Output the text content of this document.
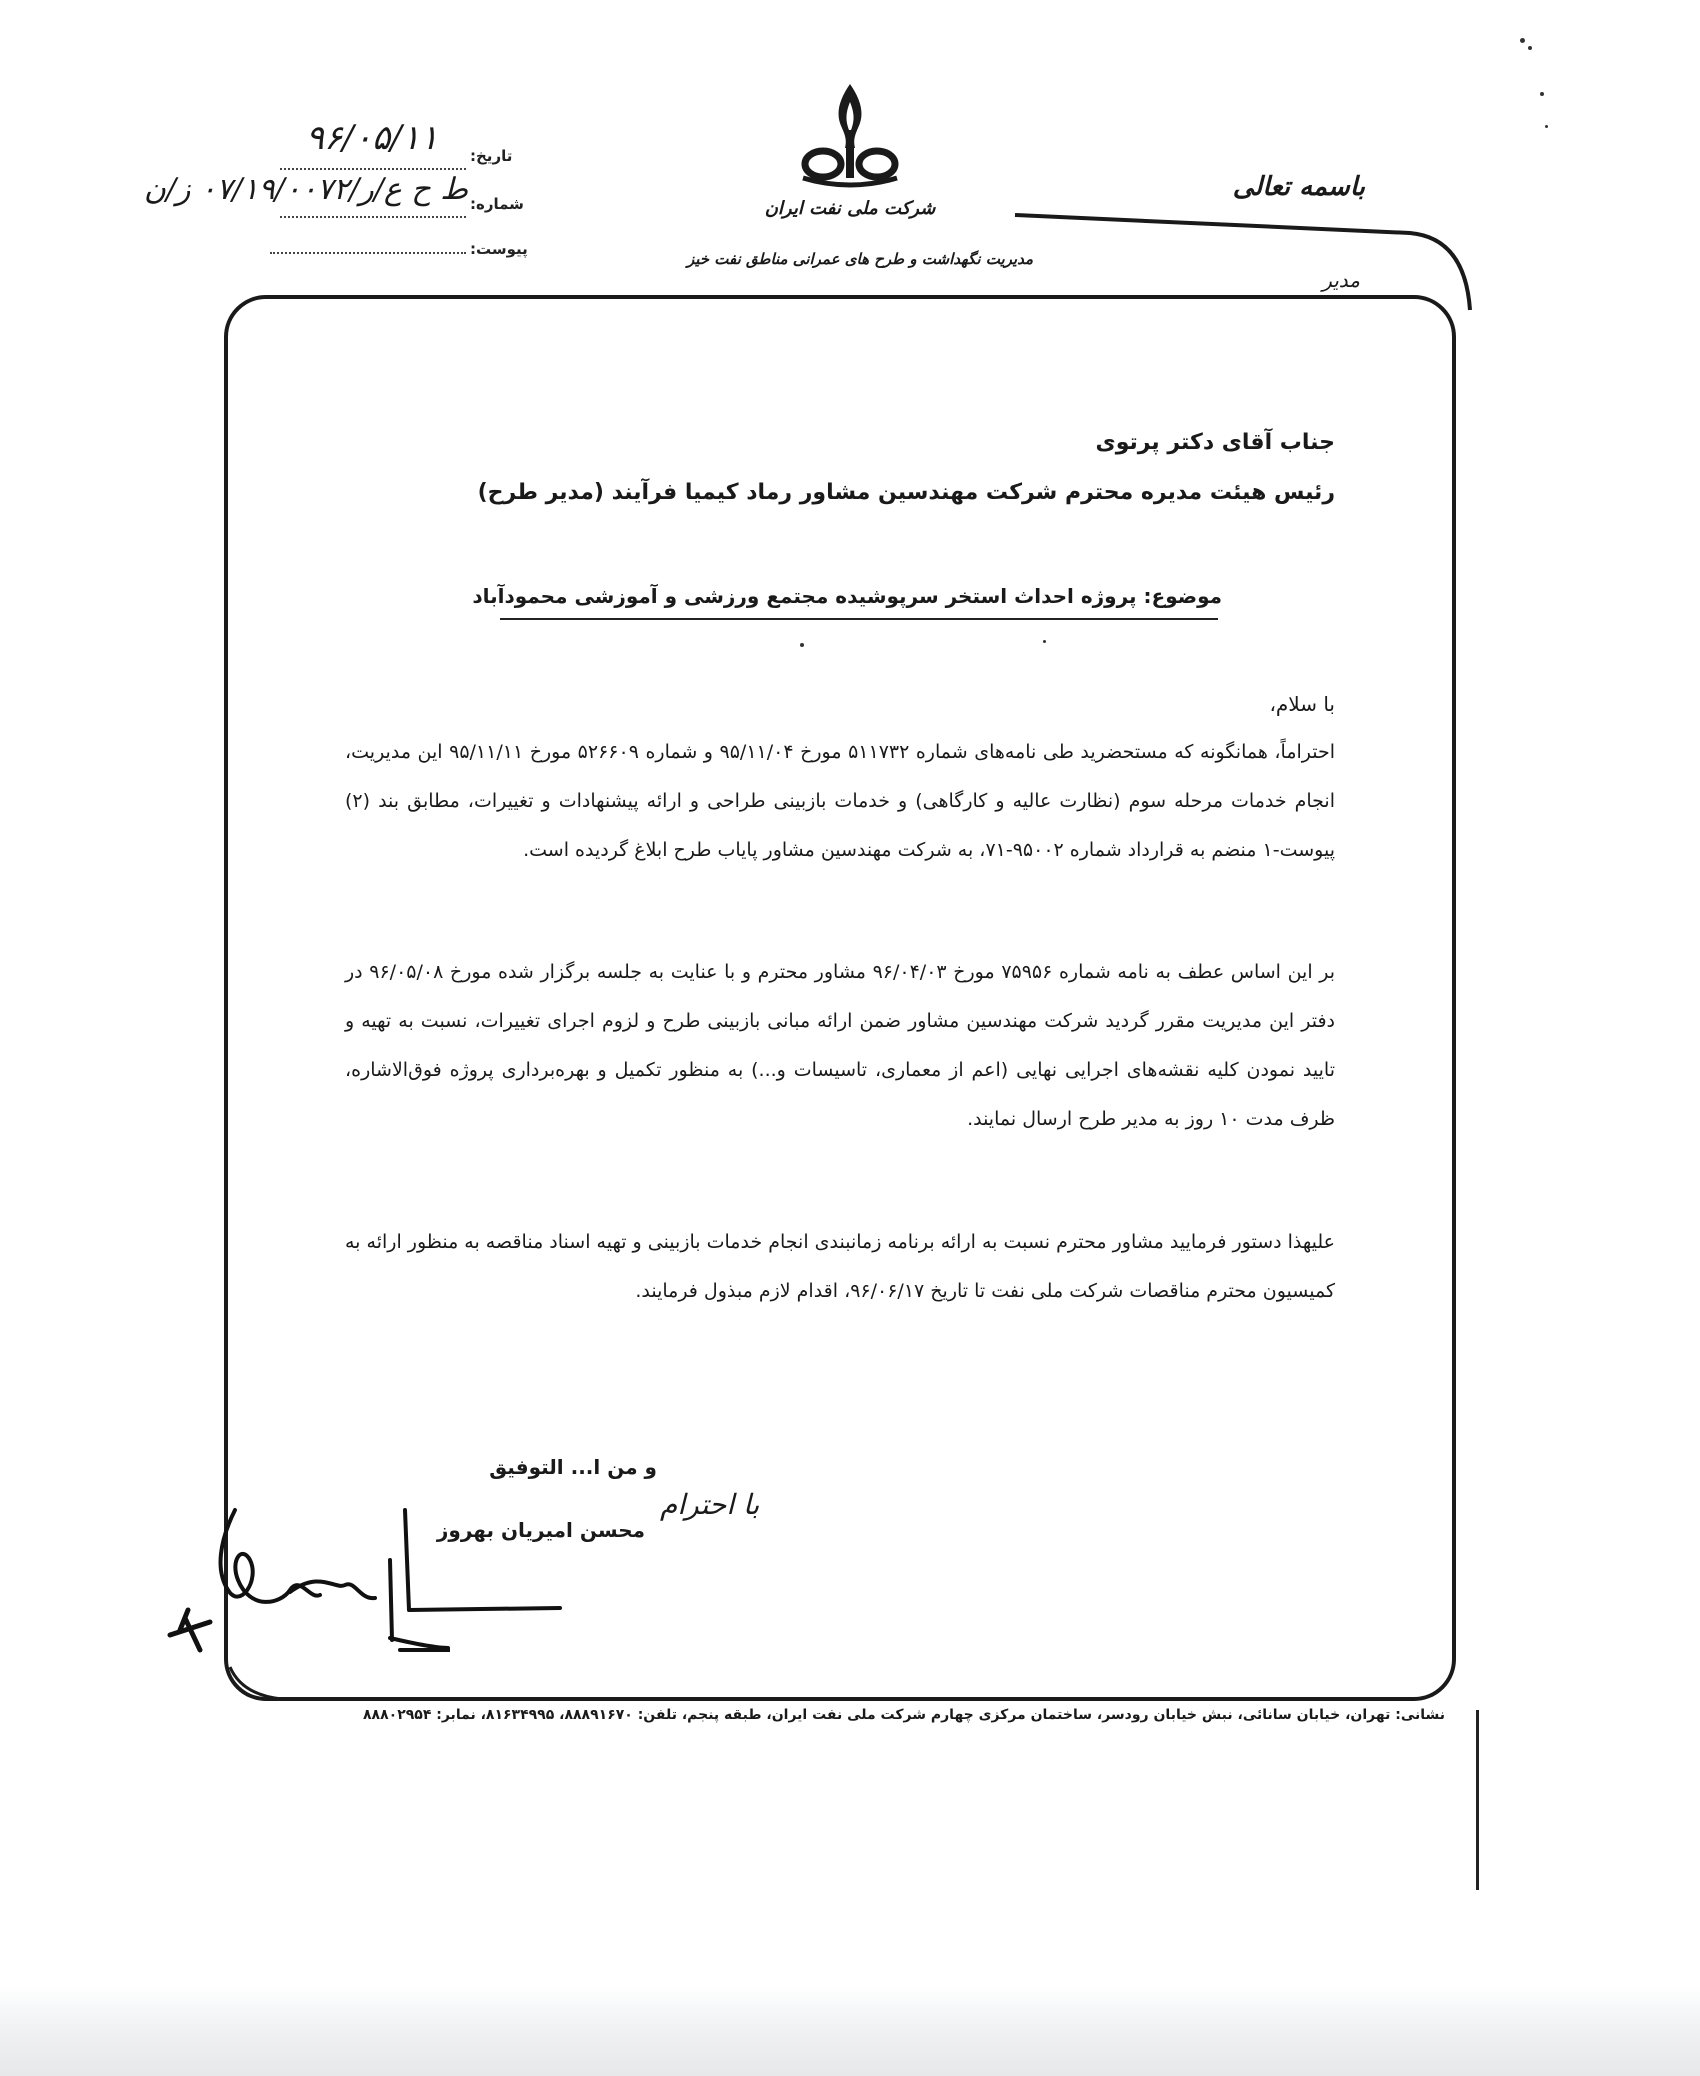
باسمه تعالی
مدیر
تاریخ:
۹۶/۰۵/۱۱
شماره:
ط ح ع/ر/۰۷/۱۹/۰۰۷۲ ز/ن
پیوست:
شرکت ملی نفت ایران
مدیریت نگهداشت و طرح های عمرانی مناطق نفت خیز
جناب آقای دکتر پرتوی
رئیس هیئت مدیره محترم شرکت مهندسین مشاور رماد کیمیا فرآیند (مدیر طرح)
موضوع: پروژه احداث استخر سرپوشیده مجتمع ورزشی و آموزشی محمودآباد
با سلام،
احتراماً، همانگونه که مستحضرید طی نامه‌های شماره ۵۱۱۷۳۲ مورخ ۹۵/۱۱/۰۴ و شماره ۵۲۶۶۰۹ مورخ ۹۵/۱۱/۱۱ این مدیریت، انجام خدمات مرحله سوم (نظارت عالیه و کارگاهی) و خدمات بازبینی طراحی و ارائه پیشنهادات و تغییرات، مطابق بند (۲) پیوست-۱ منضم به قرارداد شماره ۹۵۰۰۲-۷۱، به شرکت مهندسین مشاور پایاب طرح ابلاغ گردیده است.
بر این اساس عطف به نامه شماره ۷۵۹۵۶ مورخ ۹۶/۰۴/۰۳ مشاور محترم و با عنایت به جلسه برگزار شده مورخ ۹۶/۰۵/۰۸ در دفتر این مدیریت مقرر گردید شرکت مهندسین مشاور ضمن ارائه مبانی بازبینی طرح و لزوم اجرای تغییرات، نسبت به تهیه و تایید نمودن کلیه نقشه‌های اجرایی نهایی (اعم از معماری، تاسیسات و...) به منظور تکمیل و بهره‌برداری پروژه فوق‌الاشاره، ظرف مدت ۱۰ روز به مدیر طرح ارسال نمایند.
علیهذا دستور فرمایید مشاور محترم نسبت به ارائه برنامه زمانبندی انجام خدمات بازبینی و تهیه اسناد مناقصه به منظور ارائه به کمیسیون محترم مناقصات شرکت ملی نفت تا تاریخ ۹۶/۰۶/۱۷، اقدام لازم مبذول فرمایند.
و من ا... التوفیق
با احترام
محسن امیریان بهروز
نشانی: تهران، خیابان سانائی، نبش خیابان رودسر، ساختمان مرکزی چهارم شرکت ملی نفت ایران، طبقه پنجم، تلفن: ۸۸۸۹۱۶۷۰، ۸۱۶۳۴۹۹۵، نمابر: ۸۸۸۰۲۹۵۴
